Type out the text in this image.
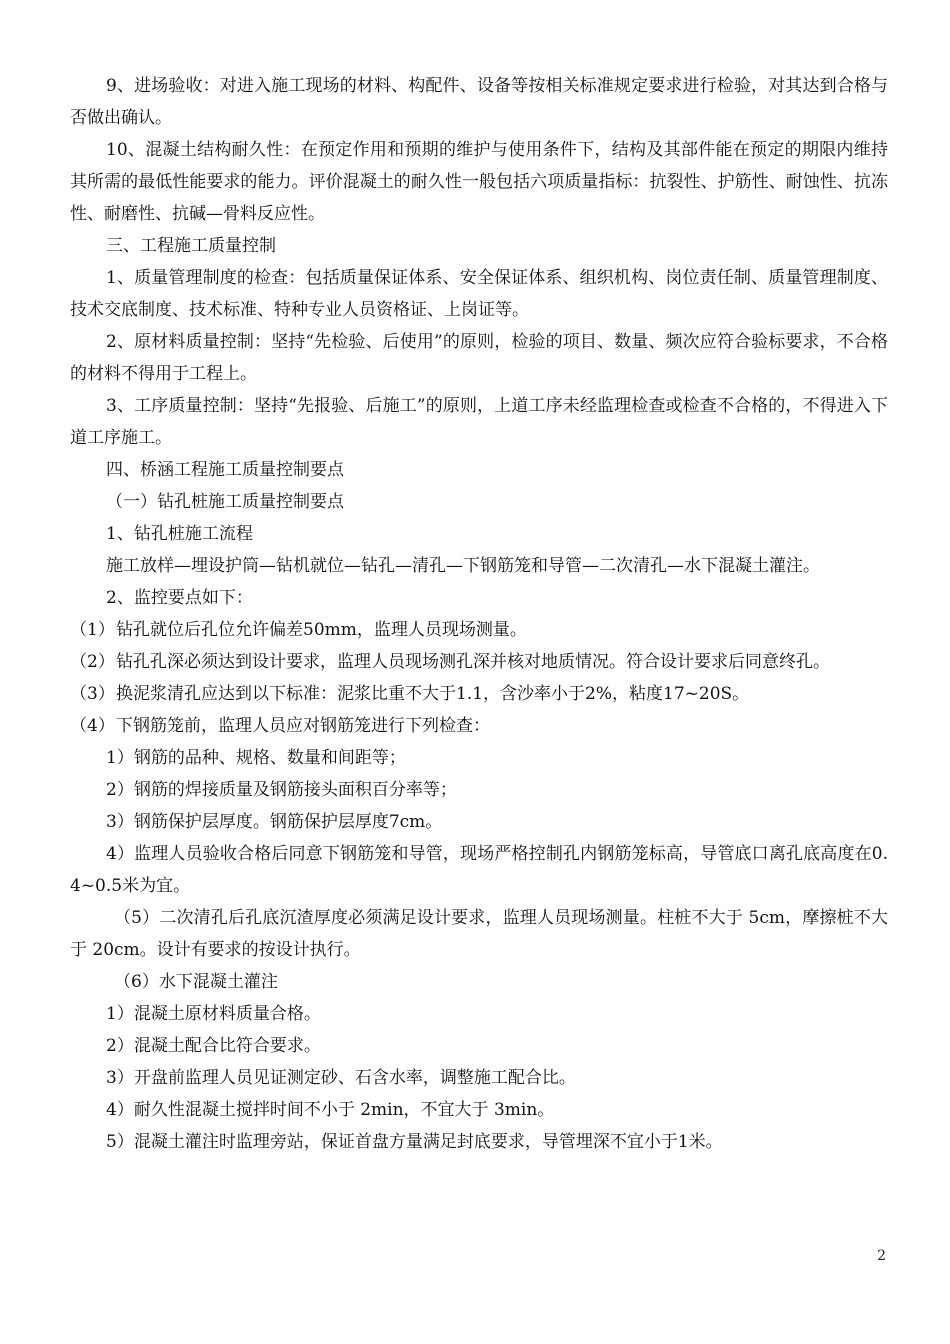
9、进场验收：对进入施工现场的材料、构配件、设备等按相关标准规定要求进行检验，对其达到合格与否做出确认。

10、混凝土结构耐久性：在预定作用和预期的维护与使用条件下，结构及其部件能在预定的期限内维持其所需的最低性能要求的能力。评价混凝土的耐久性一般包括六项质量指标：抗裂性、护筋性、耐蚀性、抗冻性、耐磨性、抗碱—骨料反应性。

三、工程施工质量控制

1、质量管理制度的检查：包括质量保证体系、安全保证体系、组织机构、岗位责任制、质量管理制度、技术交底制度、技术标准、特种专业人员资格证、上岗证等。

2、原材料质量控制：坚持“先检验、后使用”的原则，检验的项目、数量、频次应符合验标要求，不合格的材料不得用于工程上。

3、工序质量控制：坚持“先报验、后施工”的原则，上道工序未经监理检查或检查不合格的，不得进入下道工序施工。

四、桥涵工程施工质量控制要点

（一）钻孔桩施工质量控制要点

1、钻孔桩施工流程

施工放样—埋设护筒—钻机就位—钻孔—清孔—下钢筋笼和导管—二次清孔—水下混凝土灌注。

2、监控要点如下：

（1）钻孔就位后孔位允许偏差50mm，监理人员现场测量。

（2）钻孔孔深必须达到设计要求，监理人员现场测孔深并核对地质情况。符合设计要求后同意终孔。

（3）换泥浆清孔应达到以下标准：泥浆比重不大于1.1，含沙率小于2%，粘度17~20S。

（4）下钢筋笼前，监理人员应对钢筋笼进行下列检查：

1）钢筋的品种、规格、数量和间距等；

2）钢筋的焊接质量及钢筋接头面积百分率等；

3）钢筋保护层厚度。钢筋保护层厚度7cm。

4）监理人员验收合格后同意下钢筋笼和导管，现场严格控制孔内钢筋笼标高，导管底口离孔底高度在0.4~0.5米为宜。

（5）二次清孔后孔底沉渣厚度必须满足设计要求，监理人员现场测量。柱桩不大于 5cm，摩擦桩不大于 20cm。设计有要求的按设计执行。

（6）水下混凝土灌注

1）混凝土原材料质量合格。

2）混凝土配合比符合要求。

3）开盘前监理人员见证测定砂、石含水率，调整施工配合比。

4）耐久性混凝土搅拌时间不小于 2min，不宜大于 3min。

5）混凝土灌注时监理旁站，保证首盘方量满足封底要求，导管埋深不宜小于1米。

2
